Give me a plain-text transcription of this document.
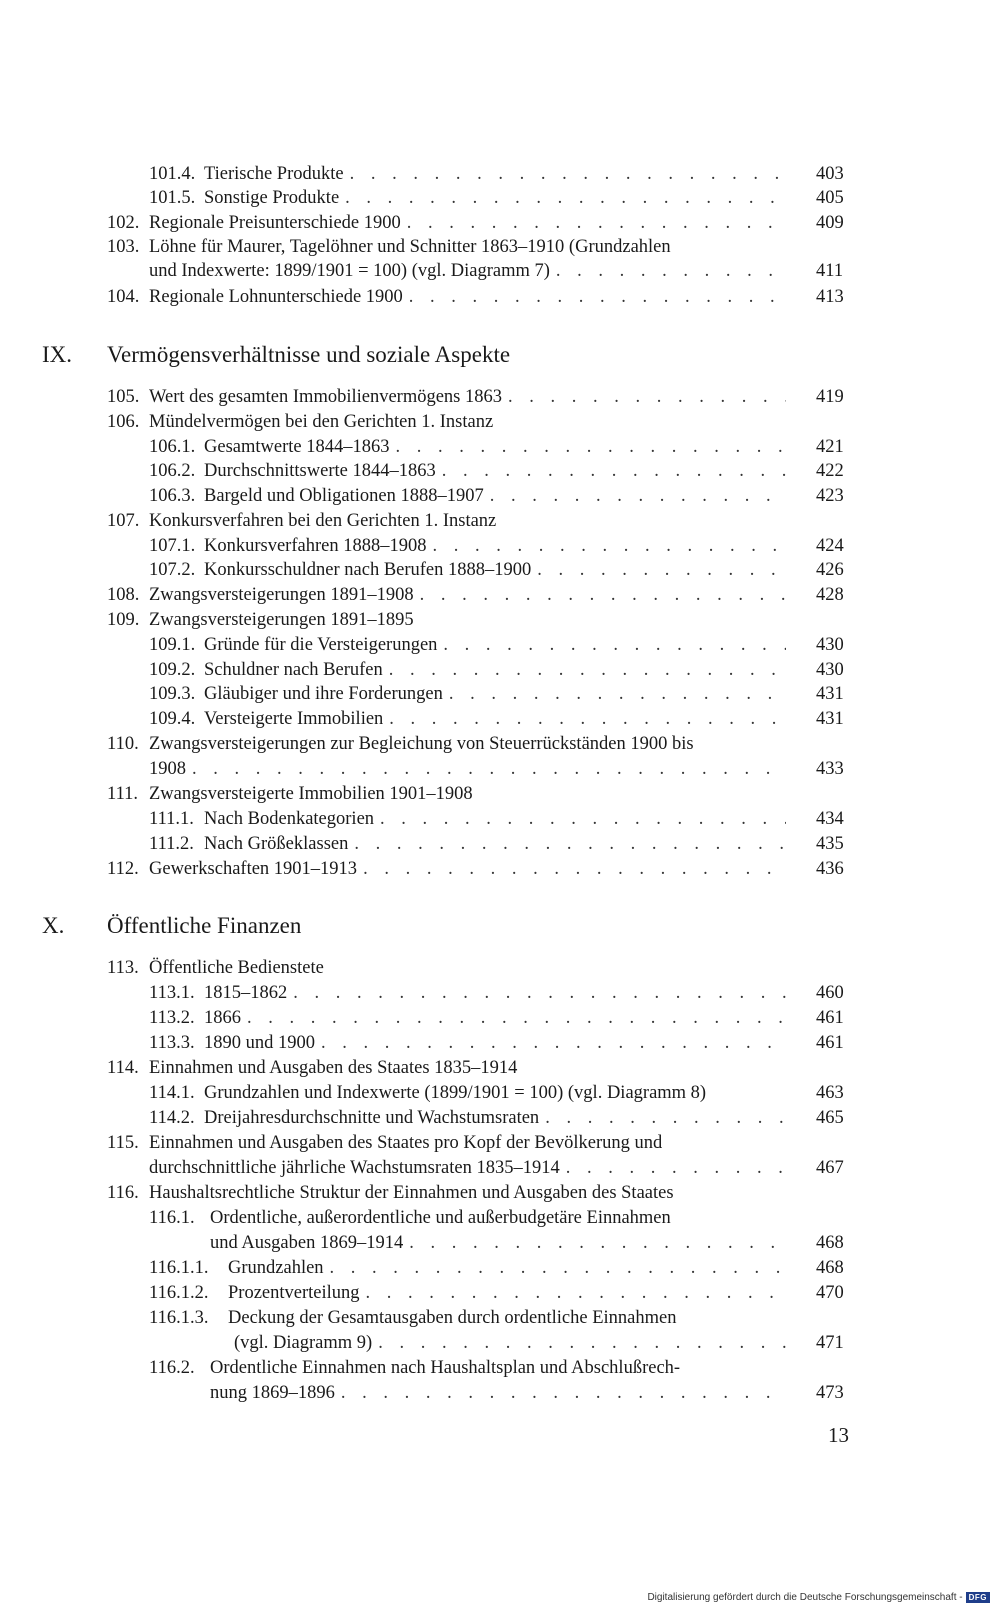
101.4. Tierische Produkte . . .	403
101.5. Sonstige Produkte . . .	405
102. Regionale Preisunterschiede 1900 . . .	409
103. Löhne für Maurer, Tagelöhner und Schnitter 1863–1910 (Grundzahlen
und Indexwerte: 1899/1901 = 100) (vgl. Diagramm 7) . . .	411
104. Regionale Lohnunterschiede 1900 . . .	413
IX. Vermögensverhältnisse und soziale Aspekte
105. Wert des gesamten Immobilienvermögens 1863 . . .	419
106. Mündelvermögen bei den Gerichten 1. Instanz
106.1. Gesamtwerte 1844–1863 . . .	421
106.2. Durchschnittswerte 1844–1863 . . .	422
106.3. Bargeld und Obligationen 1888–1907 . . .	423
107. Konkursverfahren bei den Gerichten 1. Instanz
107.1. Konkursverfahren 1888–1908 . . .	424
107.2. Konkursschuldner nach Berufen 1888–1900 . . .	426
108. Zwangsversteigerungen 1891–1908 . . .	428
109. Zwangsversteigerungen 1891–1895
109.1. Gründe für die Versteigerungen . . .	430
109.2. Schuldner nach Berufen . . .	430
109.3. Gläubiger und ihre Forderungen . . .	431
109.4. Versteigerte Immobilien . . .	431
110. Zwangsversteigerungen zur Begleichung von Steuerrückständen 1900 bis
1908 . . .	433
111. Zwangsversteigerte Immobilien 1901–1908
111.1. Nach Bodenkategorien . . .	434
111.2. Nach Größeklassen . . .	435
112. Gewerkschaften 1901–1913 . . .	436
X. Öffentliche Finanzen
113. Öffentliche Bedienstete
113.1. 1815–1862 . . .	460
113.2. 1866 . . .	461
113.3. 1890 und 1900 . . .	461
114. Einnahmen und Ausgaben des Staates 1835–1914
114.1. Grundzahlen und Indexwerte (1899/1901 = 100) (vgl. Diagramm 8)	463
114.2. Dreijahresdurchschnitte und Wachstumsraten . . .	465
115. Einnahmen und Ausgaben des Staates pro Kopf der Bevölkerung und
durchschnittliche jährliche Wachstumsraten 1835–1914 . . .	467
116. Haushaltsrechtliche Struktur der Einnahmen und Ausgaben des Staates
116.1. Ordentliche, außerordentliche und außerbudgetäre Einnahmen
und Ausgaben 1869–1914 . . .	468
116.1.1. Grundzahlen . . .	468
116.1.2. Prozentverteilung . . .	470
116.1.3. Deckung der Gesamtausgaben durch ordentliche Einnahmen
(vgl. Diagramm 9) . . .	471
116.2. Ordentliche Einnahmen nach Haushaltsplan und Abschlußrech-
nung 1869–1896 . . .	473
13
Digitalisierung gefördert durch die Deutsche Forschungsgemeinschaft - DFG
